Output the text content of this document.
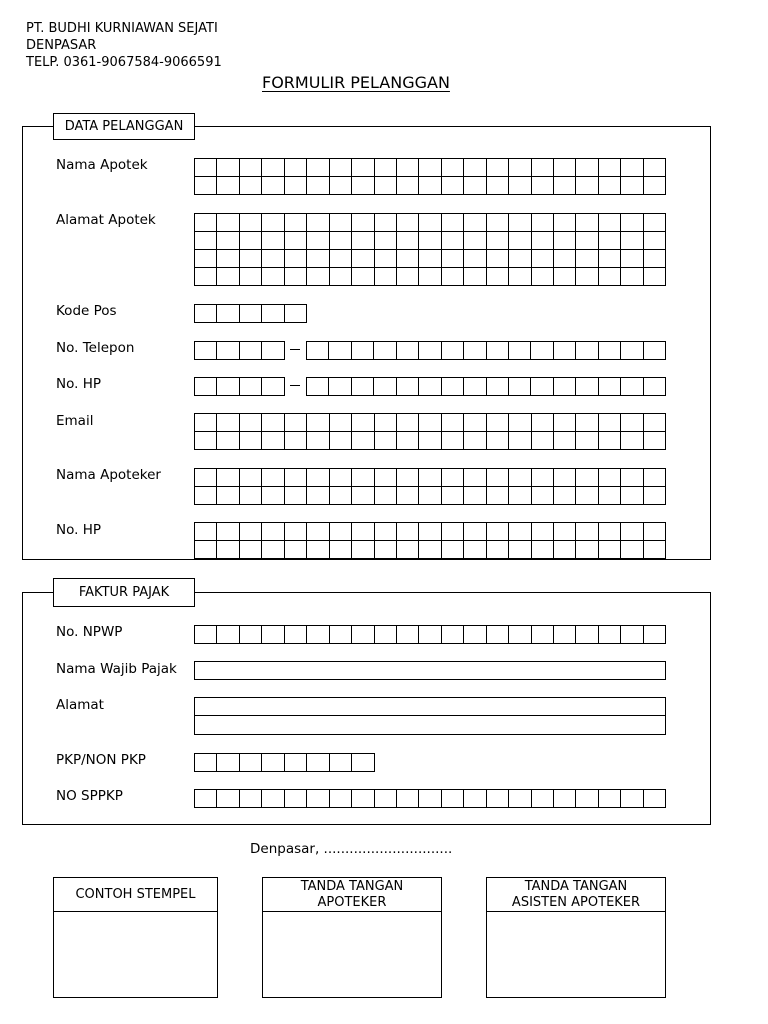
PT. BUDHI KURNIAWAN SEJATI
DENPASAR
TELP. 0361-9067584-9066591
FORMULIR PELANGGAN
DATA PELANGGAN
Nama Apotek
Alamat Apotek
Kode Pos
No. Telepon
No. HP
Email
Nama Apoteker
No. HP
FAKTUR PAJAK
No. NPWP
Nama Wajib Pajak
Alamat
PKP/NON PKP
NO SPPKP
Denpasar, ..............................
CONTOH STEMPEL
TANDA TANGAN
APOTEKER
TANDA TANGAN
ASISTEN APOTEKER
